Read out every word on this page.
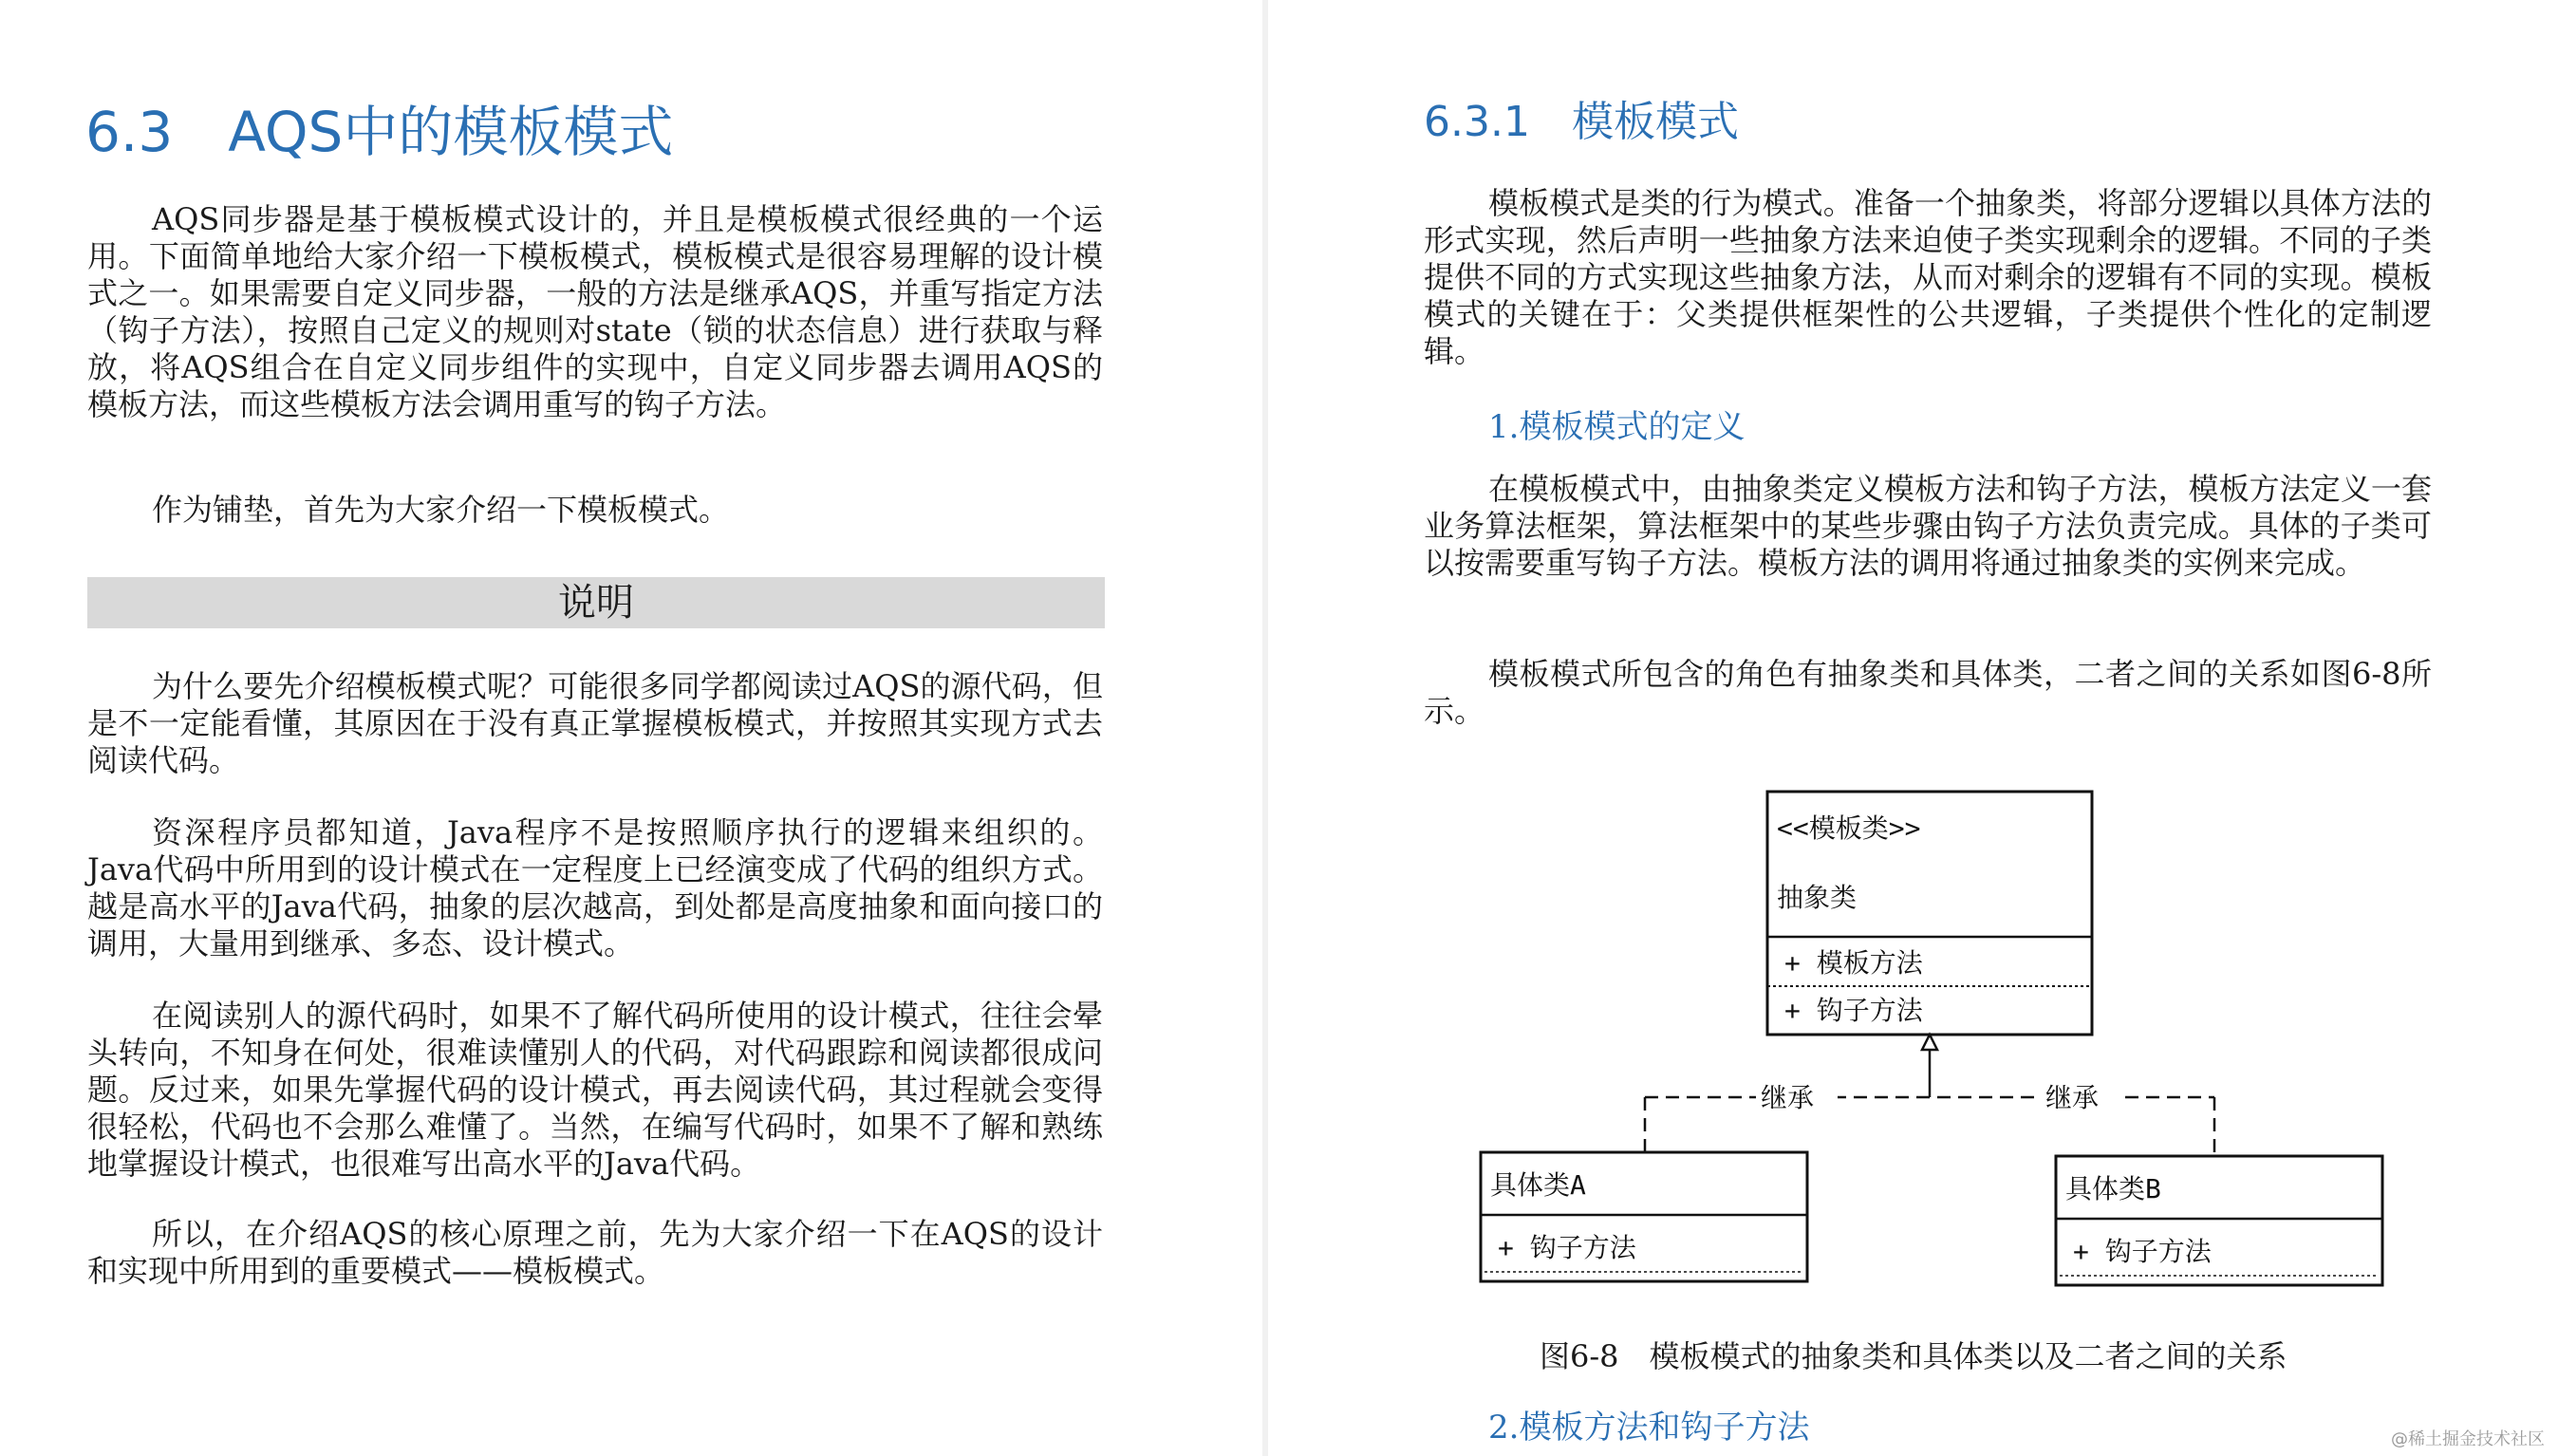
6.3　AQS中的模板模式

AQS同步器是基于模板模式设计的，并且是模板模式很经典的一个运用。下面简单地给大家介绍一下模板模式，模板模式是很容易理解的设计模式之一。如果需要自定义同步器，一般的方法是继承AQS，并重写指定方法（钩子方法），按照自己定义的规则对state（锁的状态信息）进行获取与释放，将AQS组合在自定义同步组件的实现中，自定义同步器去调用AQS的模板方法，而这些模板方法会调用重写的钩子方法。

作为铺垫，首先为大家介绍一下模板模式。

说明

为什么要先介绍模板模式呢？可能很多同学都阅读过AQS的源代码，但是不一定能看懂，其原因在于没有真正掌握模板模式，并按照其实现方式去阅读代码。

资深程序员都知道，Java程序不是按照顺序执行的逻辑来组织的。Java代码中所用到的设计模式在一定程度上已经演变成了代码的组织方式。越是高水平的Java代码，抽象的层次越高，到处都是高度抽象和面向接口的调用，大量用到继承、多态、设计模式。

在阅读别人的源代码时，如果不了解代码所使用的设计模式，往往会晕头转向，不知身在何处，很难读懂别人的代码，对代码跟踪和阅读都很成问题。反过来，如果先掌握代码的设计模式，再去阅读代码，其过程就会变得很轻松，代码也不会那么难懂了。当然，在编写代码时，如果不了解和熟练地掌握设计模式，也很难写出高水平的Java代码。

所以，在介绍AQS的核心原理之前，先为大家介绍一下在AQS的设计和实现中所用到的重要模式——模板模式。

6.3.1　模板模式

模板模式是类的行为模式。准备一个抽象类，将部分逻辑以具体方法的形式实现，然后声明一些抽象方法来迫使子类实现剩余的逻辑。不同的子类提供不同的方式实现这些抽象方法，从而对剩余的逻辑有不同的实现。模板模式的关键在于：父类提供框架性的公共逻辑，子类提供个性化的定制逻辑。

1.模板模式的定义

在模板模式中，由抽象类定义模板方法和钩子方法，模板方法定义一套业务算法框架，算法框架中的某些步骤由钩子方法负责完成。具体的子类可以按需要重写钩子方法。模板方法的调用将通过抽象类的实例来完成。

模板模式所包含的角色有抽象类和具体类，二者之间的关系如图6-8所示。

2.模板方法和钩子方法
<<模板类>>
抽象类
+ 模板方法
+ 钩子方法
继承	继承
具体类A
+ 钩子方法
具体类B
+ 钩子方法
图6-8　模板模式的抽象类和具体类以及二者之间的关系
@稀土掘金技术社区
